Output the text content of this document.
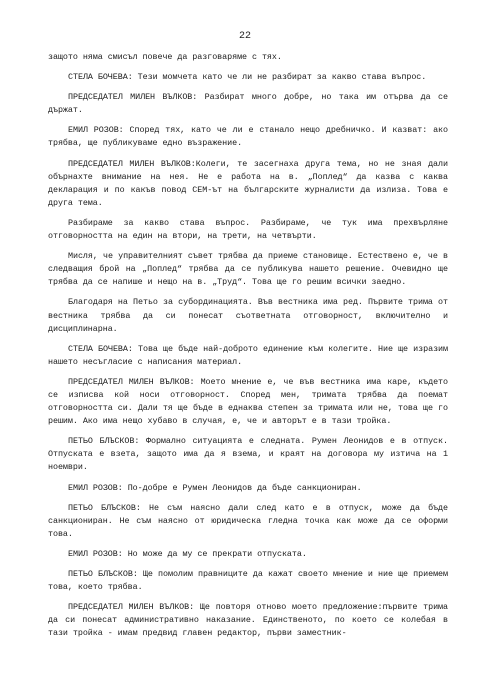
22

защото няма смисъл повече да разговаряме с тях.

СТЕЛА БОЧЕВА: Тези момчета като че ли не разбират за какво става въпрос.

ПРЕДСЕДАТЕЛ МИЛЕН ВЪЛКОВ: Разбират много добре, но така им отърва да се държат.

ЕМИЛ РОЗОВ: Според тях, като че ли е станало нещо дребничко. И казват: ако трябва, ще публикуваме едно възражение.

ПРЕДСЕДАТЕЛ МИЛЕН ВЪЛКОВ:Колеги, те засегнаха друга тема, но не зная дали обърнахте внимание на нея. Не е работа на в. „Поплед“ да казва с каква декларация и по какъв повод СЕМ-ът на българските журналисти да излиза. Това е друга тема.

Разбираме за какво става въпрос. Разбираме, че тук има прехвърляне отговорността на един на втори, на трети, на четвърти.

Мисля, че управителният съвет трябва да приеме становище. Естествено е, че в следващия брой на „Поплед“ трябва да се публикува нашето решение. Очевидно ще трябва да се напише и нещо на в. „Труд“. Това ще го решим всички заедно.

Благодаря на Петьо за субординацията. Във вестника има ред. Първите трима от вестника трябва да си понесат съответната отговорност, включително и дисциплинарна.

СТЕЛА БОЧЕВА: Това ще бъде най-доброто единение към колегите. Ние ще изразим нашето несъгласие с написания материал.

ПРЕДСЕДАТЕЛ МИЛЕН ВЪЛКОВ: Моето мнение е, че във вестника има каре, където се изписва кой носи отговорност. Според мен, тримата трябва да поемат отговорността си. Дали тя ще бъде в еднаква степен за тримата или не, това ще го решим. Ако има нещо хубаво в случая, е, че и авторът е в тази тройка.

ПЕТЬО БЛЪСКОВ: Формално ситуацията е следната. Румен Леонидов е в отпуск. Отпуската е взета, защото има да я взема, и краят на договора му изтича на 1 ноември.

ЕМИЛ РОЗОВ: По-добре е Румен Леонидов да бъде санкциониран.

ПЕТЬО БЛЪСКОВ: Не съм наясно дали след като е в отпуск, може да бъде санкциониран. Не съм наясно от юридическа гледна точка как може да се оформи това.

ЕМИЛ РОЗОВ: Но може да му се прекрати отпуската.

ПЕТЬО БЛЪСКОВ: Ще помолим правниците да кажат своето мнение и ние ще приемем това, което трябва.

ПРЕДСЕДАТЕЛ МИЛЕН ВЪЛКОВ: Ще повторя отново моето предложение:първите трима да си понесат административно наказание. Единственото, по което се колебая в тази тройка - имам предвид главен редактор, първи заместник-
